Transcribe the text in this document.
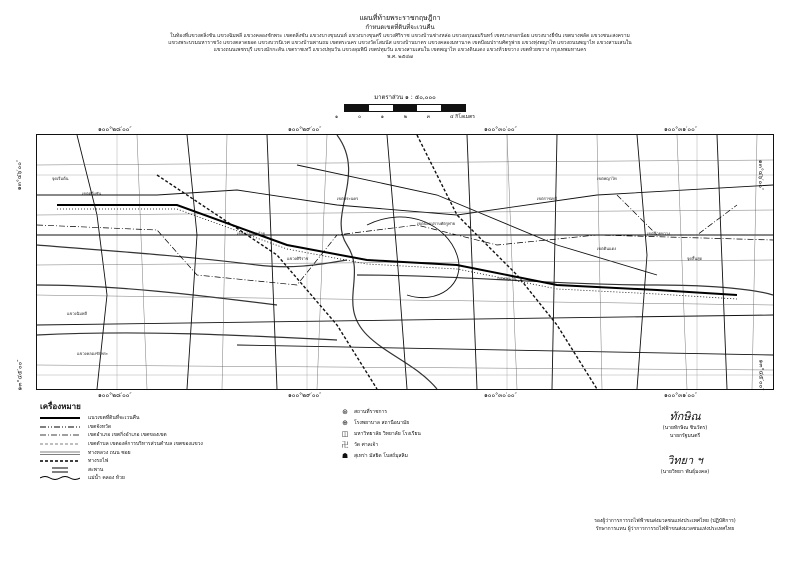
แผนที่ท้ายพระราชกฤษฎีกา
กำหนดเขตที่ดินที่จะเวนคืน
ในท้องที่แขวงตลิ่งชัน แขวงฉิมพลี แขวงคลองชักพระ เขตตลิ่งชัน แขวงบางขุนนนท์ แขวงบางขุนศรี แขวงศิริราช แขวงบ้านช่างหล่อ แขวงอรุณอมรินทร์ เขตบางกอกน้อย แขวงบางยี่ขัน เขตบางพลัด แขวงชนะสงคราม
แขวงพระบรมมหาราชวัง แขวงตลาดยอด แขวงบวรนิเวศ แขวงบ้านพานถม เขตพระนคร แขวงวัดโสมนัส แขวงบ้านบาตร แขวงคลองมหานาค เขตป้อมปราบศัตรูพ่าย แขวงทุ่งพญาไท แขวงถนนพญาไท แขวงสามเสนใน
แขวงถนนเพชรบุรี แขวงมักกะสัน เขตราชเทวี แขวงปทุมวัน แขวงลุมพินี เขตปทุมวัน แขวงสามเสนใน เขตพญาไท แขวงดินแดง แขวงห้วยขวาง เขตห้วยขวาง กรุงเทพมหานคร
พ.ศ. ๒๕๔๗
มาตราส่วน ๑ : ๕๐,๐๐๐
๑	๐	๑	๒	๓	๔ กิโลเมตร
จุดเริ่มต้น
เขตตลิ่งชัน
เขตบางกอกน้อย
แขวงศิริราช
เขตพระนคร
เขตป้อมปราบศัตรูพ่าย
เขตปทุมวัน
เขตราชเทวี
เขตพญาไท
เขตห้วยขวาง
เขตดินแดง
จุดสิ้นสุด
แขวงฉิมพลี
แขวงคลองชักพระ
๑๐๐°๒๘′๐๐″	๑๐๐°๒๙′๐๐″	๑๐๐°๓๐′๐๐″	๑๐๐°๓๑′๐๐″
๑๐๐°๒๘′๐๐″	๑๐๐°๒๙′๐๐″	๑๐๐°๓๐′๐๐″	๑๐๐°๓๑′๐๐″
๑๓°๔๖′๐๐″
๑๓°๔๕′๐๐″
๑๓°๔๖′๐๐″
๑๓°๔๕′๐๐″
เครื่องหมาย
แนวเขตที่ดินที่จะเวนคืน
เขตจังหวัด
เขตอำเภอ เขตกิ่งอำเภอ เขตของเขต
เขตตำบล เขตองค์การบริหารส่วนตำบล เขตของแขวง
ทางหลวง ถนน ซอย
ทางรถไฟ
สะพาน
แม่น้ำ คลอง ห้วย
⊛	สถานที่ราชการ
⊕	โรงพยาบาล สถานีอนามัย
◫	มหาวิทยาลัย วิทยาลัย โรงเรียน
卍	วัด ศาลเจ้า
☗	สุเหร่า มัสยิด โบสถ์มุสลิม
ทักษิณ
(นายทักษิณ ชินวัตร)
นายกรัฐมนตรี
วิทยา ฯ
(นายวิทยา พันธุ์มงคล)
รองผู้ว่าการการรถไฟฟ้าขนส่งมวลชนแห่งประเทศไทย (ปฏิบัติการ)
รักษาการแทน ผู้ว่าการการรถไฟฟ้าขนส่งมวลชนแห่งประเทศไทย
